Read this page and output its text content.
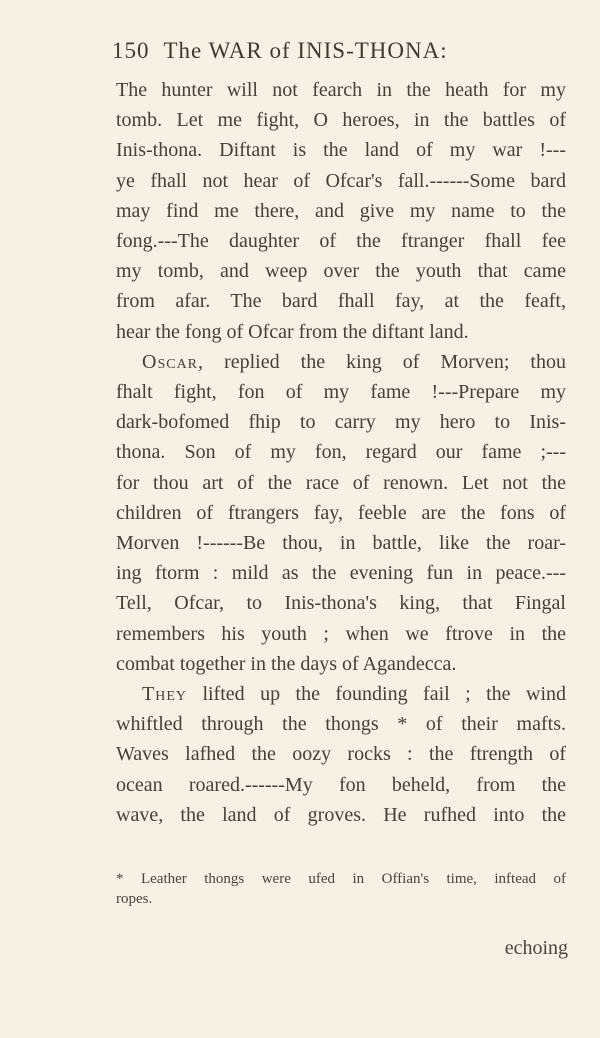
150 The WAR of INIS-THONA:
The hunter will not fearch in the heath for my
tomb. Let me fight, O heroes, in the battles of
Inis-thona. Diftant is the land of my war !---
ye fhall not hear of Ofcar's fall.------Some bard
may find me there, and give my name to the
fong.---The daughter of the ftranger fhall fee
my tomb, and weep over the youth that came
from afar. The bard fhall fay, at the feaft,
hear the fong of Ofcar from the diftant land.
Oscar, replied the king of Morven; thou
fhalt fight, fon of my fame !---Prepare my
dark-bofomed fhip to carry my hero to Inis-
thona. Son of my fon, regard our fame ;---
for thou art of the race of renown. Let not the
children of ftrangers fay, feeble are the fons of
Morven !------Be thou, in battle, like the roar-
ing ftorm : mild as the evening fun in peace.---
Tell, Ofcar, to Inis-thona's king, that Fingal
remembers his youth ; when we ftrove in the
combat together in the days of Agandecca.
They lifted up the founding fail ; the wind
whiftled through the thongs * of their mafts.
Waves lafhed the oozy rocks : the ftrength of
ocean roared.------My fon beheld, from the
wave, the land of groves. He rufhed into the
* Leather thongs were ufed in Offian's time, inftead of
ropes.
echoing
